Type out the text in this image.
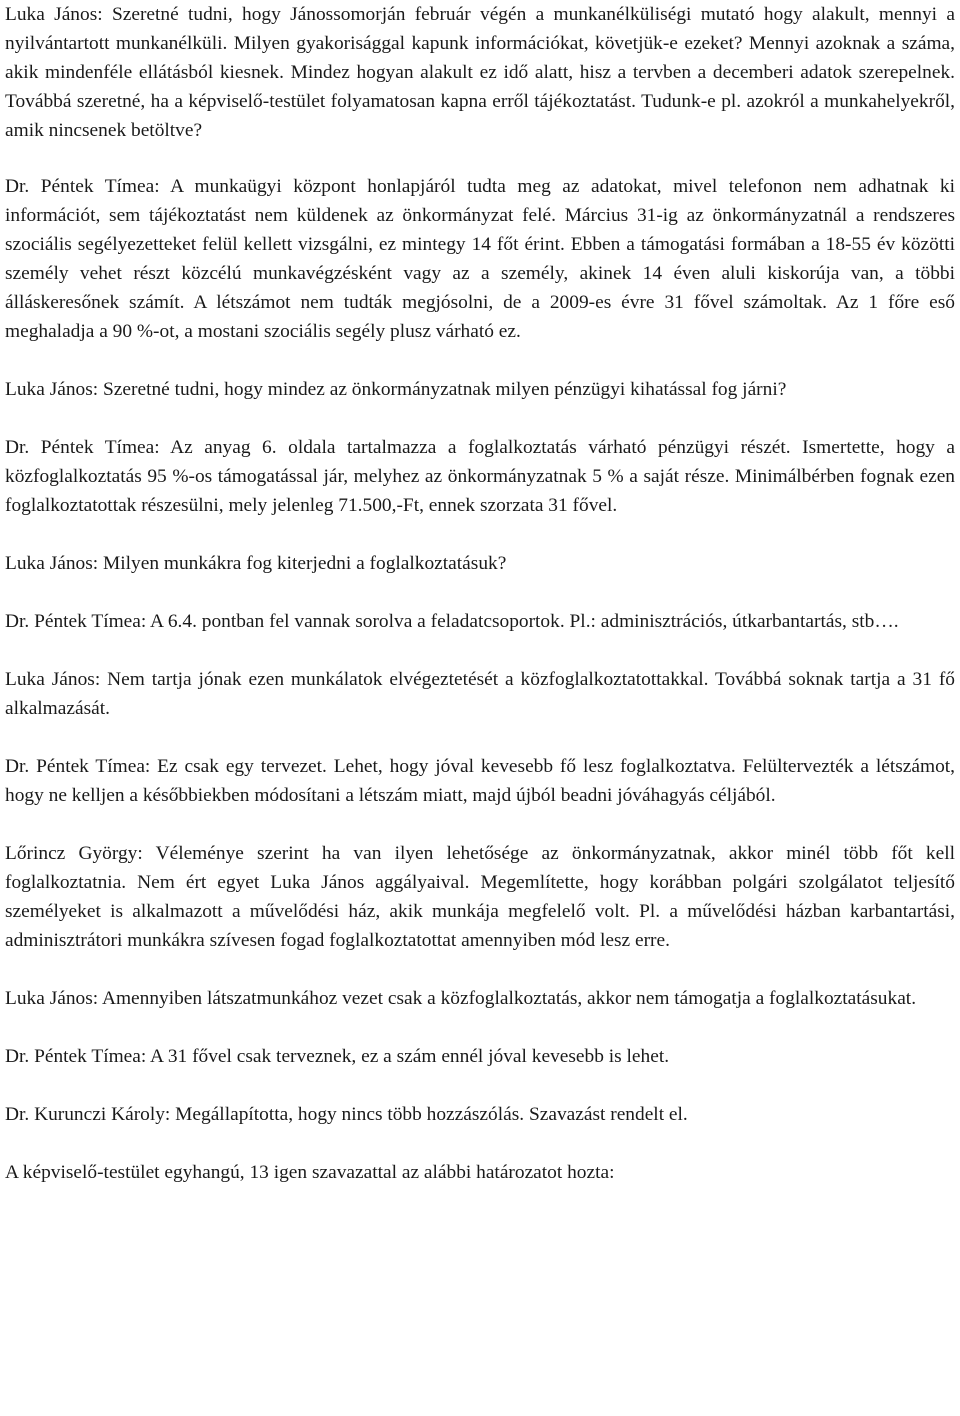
Luka János: Szeretné tudni, hogy Jánossomorján február végén a munkanélküliségi mutató hogy alakult, mennyi a nyilvántartott munkanélküli. Milyen gyakorisággal kapunk információkat, követjük-e ezeket? Mennyi azoknak a száma, akik mindenféle ellátásból kiesnek. Mindez hogyan alakult ez idő alatt, hisz a tervben a decemberi adatok szerepelnek. Továbbá szeretné, ha a képviselő-testület folyamatosan kapna erről tájékoztatást. Tudunk-e pl. azokról a munkahelyekről, amik nincsenek betöltve?

Dr. Péntek Tímea: A munkaügyi központ honlapjáról tudta meg az adatokat, mivel telefonon nem adhatnak ki információt, sem tájékoztatást nem küldenek az önkormányzat felé. Március 31-ig az önkormányzatnál a rendszeres szociális segélyezetteket felül kellett vizsgálni, ez mintegy 14 főt érint. Ebben a támogatási formában a 18-55 év közötti személy vehet részt közcélú munkavégzésként vagy az a személy, akinek 14 éven aluli kiskorúja van, a többi álláskeresőnek számít. A létszámot nem tudták megjósolni, de a 2009-es évre 31 fővel számoltak. Az 1 főre eső meghaladja a 90 %-ot, a mostani szociális segély plusz várható ez.

Luka János: Szeretné tudni, hogy mindez az önkormányzatnak milyen pénzügyi kihatással fog járni?

Dr. Péntek Tímea: Az anyag 6. oldala tartalmazza a foglalkoztatás várható pénzügyi részét. Ismertette, hogy a közfoglalkoztatás 95 %-os támogatással jár, melyhez az önkormányzatnak 5 % a saját része. Minimálbérben fognak ezen foglalkoztatottak részesülni, mely jelenleg 71.500,-Ft, ennek szorzata 31 fővel.

Luka János: Milyen munkákra fog kiterjedni a foglalkoztatásuk?

Dr. Péntek Tímea: A 6.4. pontban fel vannak sorolva a feladatcsoportok. Pl.: adminisztrációs, útkarbantartás, stb….

Luka János: Nem tartja jónak ezen munkálatok elvégeztetését a közfoglalkoztatottakkal. Továbbá soknak tartja a 31 fő alkalmazását.

Dr. Péntek Tímea: Ez csak egy tervezet. Lehet, hogy jóval kevesebb fő lesz foglalkoztatva. Felültervezték a létszámot, hogy ne kelljen a későbbiekben módosítani a létszám miatt, majd újból beadni jóváhagyás céljából.

Lőrincz György: Véleménye szerint ha van ilyen lehetősége az önkormányzatnak, akkor minél több főt kell foglalkoztatnia. Nem ért egyet Luka János aggályaival. Megemlítette, hogy korábban polgári szolgálatot teljesítő személyeket is alkalmazott a művelődési ház, akik munkája megfelelő volt. Pl. a művelődési házban karbantartási, adminisztrátori munkákra szívesen fogad foglalkoztatottat amennyiben mód lesz erre.

Luka János: Amennyiben látszatmunkához vezet csak a közfoglalkoztatás, akkor nem támogatja a foglalkoztatásukat.

Dr. Péntek Tímea: A 31 fővel csak terveznek, ez a szám ennél jóval kevesebb is lehet.

Dr. Kurunczi Károly: Megállapította, hogy nincs több hozzászólás. Szavazást rendelt el.

A képviselő-testület egyhangú, 13 igen szavazattal az alábbi határozatot hozta:
